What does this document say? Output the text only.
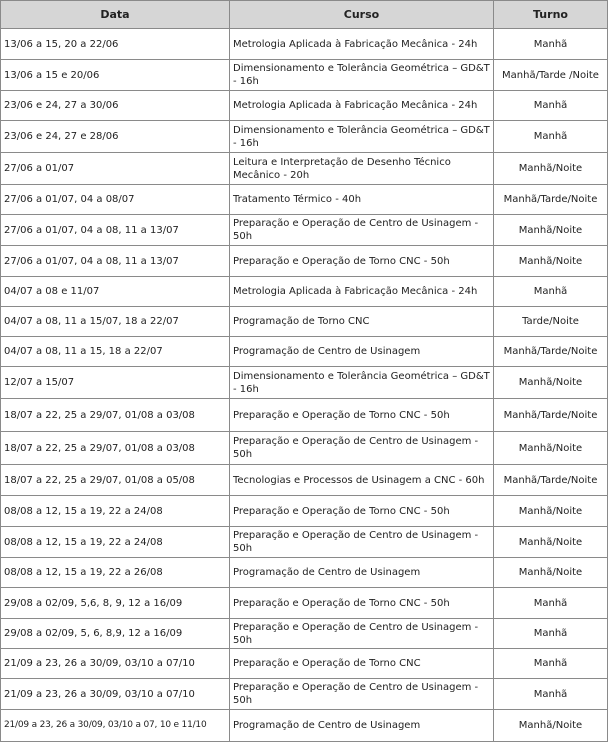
Data	Curso	Turno
13/06 a 15, 20 a 22/06	Metrologia Aplicada à Fabricação Mecânica - 24h	Manhã
13/06 a 15 e 20/06	Dimensionamento e Tolerância Geométrica – GD&T - 16h	Manhã/Tarde /Noite
23/06 e 24, 27 a 30/06	Metrologia Aplicada à Fabricação Mecânica - 24h	Manhã
23/06 e 24, 27 e 28/06	Dimensionamento e Tolerância Geométrica – GD&T - 16h	Manhã
27/06 a 01/07	Leitura e Interpretação de Desenho Técnico Mecânico - 20h	Manhã/Noite
27/06 a 01/07, 04 a 08/07	Tratamento Térmico - 40h	Manhã/Tarde/Noite
27/06 a 01/07, 04 a 08, 11 a 13/07	Preparação e Operação de Centro de Usinagem - 50h	Manhã/Noite
27/06 a 01/07, 04 a 08, 11 a 13/07	Preparação e Operação de Torno CNC - 50h	Manhã/Noite
04/07 a 08 e 11/07	Metrologia Aplicada à Fabricação Mecânica - 24h	Manhã
04/07 a 08, 11 a 15/07, 18 a 22/07	Programação de Torno CNC	Tarde/Noite
04/07 a 08, 11 a 15, 18 a 22/07	Programação de Centro de Usinagem	Manhã/Tarde/Noite
12/07 a 15/07	Dimensionamento e Tolerância Geométrica – GD&T - 16h	Manhã/Noite
18/07 a 22, 25 a 29/07, 01/08 a 03/08	Preparação e Operação de Torno CNC - 50h	Manhã/Tarde/Noite
18/07 a 22, 25 a 29/07, 01/08 a 03/08	Preparação e Operação de Centro de Usinagem - 50h	Manhã/Noite
18/07 a 22, 25 a 29/07, 01/08 a 05/08	Tecnologias e Processos de Usinagem a CNC - 60h	Manhã/Tarde/Noite
08/08 a 12, 15 a 19, 22 a 24/08	Preparação e Operação de Torno CNC - 50h	Manhã/Noite
08/08 a 12, 15 a 19, 22 a 24/08	Preparação e Operação de Centro de Usinagem - 50h	Manhã/Noite
08/08 a 12, 15 a 19, 22 a 26/08	Programação de Centro de Usinagem	Manhã/Noite
29/08 a 02/09, 5,6, 8, 9, 12 a 16/09	Preparação e Operação de Torno CNC - 50h	Manhã
29/08 a 02/09, 5, 6, 8,9, 12 a 16/09	Preparação e Operação de Centro de Usinagem - 50h	Manhã
21/09 a 23, 26 a 30/09, 03/10 a 07/10	Preparação e Operação de Torno CNC	Manhã
21/09 a 23, 26 a 30/09, 03/10 a 07/10	Preparação e Operação de Centro de Usinagem - 50h	Manhã
21/09 a 23, 26 a 30/09, 03/10 a 07, 10 e 11/10	Programação de Centro de Usinagem	Manhã/Noite
